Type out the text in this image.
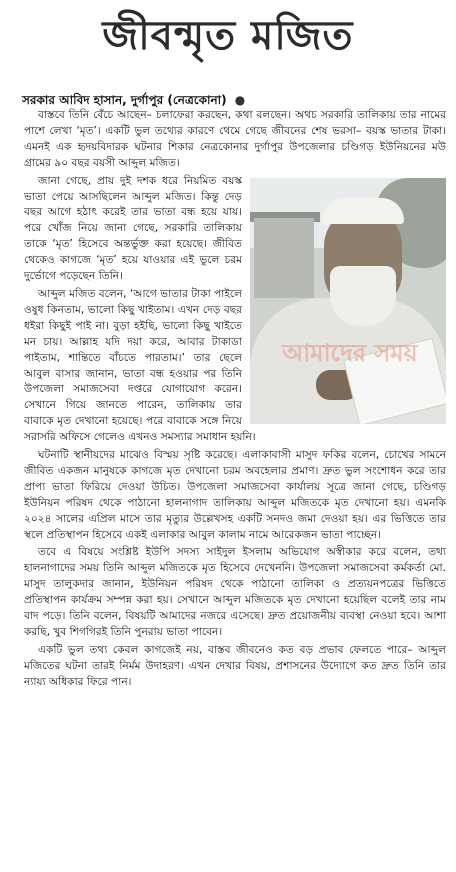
জীবন্মৃত মজিত
সরকার আবিদ হাসান, দুর্গাপুর (নেত্রকোনা) ●

বাস্তবে তিনি বেঁচে আছেন– চলাফেরা করছেন, কথা বলছেন। অথচ সরকারি তালিকায় তার নামের পাশে লেখা ‘মৃত’। একটি ভুল তথ্যের কারণে থেমে গেছে জীবনের শেষ ভরসা– বয়স্ক ভাতার টাকা। এমনই এক হৃদয়বিদারক ঘটনার শিকার নেত্রকোনার দুর্গাপুর উপজেলার চণ্ডিগড় ইউনিয়নের মউ গ্রামের ৯০ বছর বয়সী আব্দুল মজিত।

আমাদের সময়

জানা গেছে, প্রায় দুই দশক ধরে নিয়মিত বয়স্ক ভাতা পেয়ে আসছিলেন আব্দুল মজিত। কিন্তু দেড় বছর আগে হঠাৎ করেই তার ভাতা বন্ধ হয়ে যায়। পরে খোঁজ নিয়ে জানা গেছে, সরকারি তালিকায় তাকে ‘মৃত’ হিসেবে অন্তর্ভুক্ত করা হয়েছে। জীবিত থেকেও কাগজে ‘মৃত’ হয়ে যাওয়ার এই ভুলে চরম দুর্ভোগে পড়েছেন তিনি।

আব্দুল মজিত বলেন, ‘আগে ভাতার টাকা পাইলে ওষুধ কিনতাম, ভালো কিছু খাইতাম। এখন দেড় বছর ধইরা কিছুই পাই না। বুড়া হইছি, ভালো কিছু খাইতে মন চায়। আল্লাহ যদি দয়া করে, আবার টাকাডা পাইতাম, শান্তিতে বাঁচতে পারতাম।’ তার ছেলে আবুল বাসার জানান, ভাতা বন্ধ হওয়ার পর তিনি উপজেলা সমাজসেবা দপ্তরে যোগাযোগ করেন। সেখানে গিয়ে জানতে পারেন, তালিকায় তার বাবাকে মৃত দেখানো হয়েছে। পরে বাবাকে সঙ্গে নিয়ে সরাসরি অফিসে গেলেও এখনও সমস্যার সমাধান হয়নি।

ঘটনাটি স্থানীয়দের মাঝেও বিস্ময় সৃষ্টি করেছে। এলাকাবাসী মাসুদ ফকির বলেন, চোখের সামনে জীবিত একজন মানুষকে কাগজে মৃত দেখানো চরম অবহেলার প্রমাণ। দ্রুত ভুল সংশোধন করে তার প্রাপ্য ভাতা ফিরিয়ে দেওয়া উচিত। উপজেলা সমাজসেবা কার্যালয় সূত্রে জানা গেছে, চণ্ডিগড় ইউনিয়ন পরিষদ থেকে পাঠানো হালনাগাদ তালিকায় আব্দুল মজিতকে মৃত দেখানো হয়। এমনকি ২০২৪ সালের এপ্রিল মাসে তার মৃত্যুর উল্লেখসহ একটি সনদও জমা দেওয়া হয়। এর ভিত্তিতে তার স্থলে প্রতিস্থাপন হিসেবে একই এলাকার আবুল কালাম নামে আরেকজন ভাতা পাচ্ছেন।

তবে এ বিষয়ে সংশ্লিষ্ট ইউপি সদস্য সাইদুল ইসলাম অভিযোগ অস্বীকার করে বলেন, তথ্য হালনাগাদের সময় তিনি আব্দুল মজিতকে মৃত হিসেবে দেখেননি। উপজেলা সমাজসেবা কর্মকর্তা মো. মাসুদ তালুকদার জানান, ইউনিয়ন পরিষদ থেকে পাঠানো তালিকা ও প্রত্যয়নপত্রের ভিত্তিতে প্রতিস্থাপন কার্যক্রম সম্পন্ন করা হয়। সেখানে আব্দুল মজিতকে মৃত দেখানো হয়েছিল বলেই তার নাম বাদ পড়ে। তিনি বলেন, বিষয়টি আমাদের নজরে এসেছে। দ্রুত প্রয়োজনীয় ব্যবস্থা নেওয়া হবে। আশা করছি, খুব শিগগিরই তিনি পুনরায় ভাতা পাবেন।

একটি ভুল তথ্য কেবল কাগজেই নয়, বাস্তব জীবনেও কত বড় প্রভাব ফেলতে পারে– আব্দুল মজিতের ঘটনা তারই নির্মম উদাহরণ। এখন দেখার বিষয়, প্রশাসনের উদ্যোগে কত দ্রুত তিনি তার ন্যায্য অধিকার ফিরে পান।
